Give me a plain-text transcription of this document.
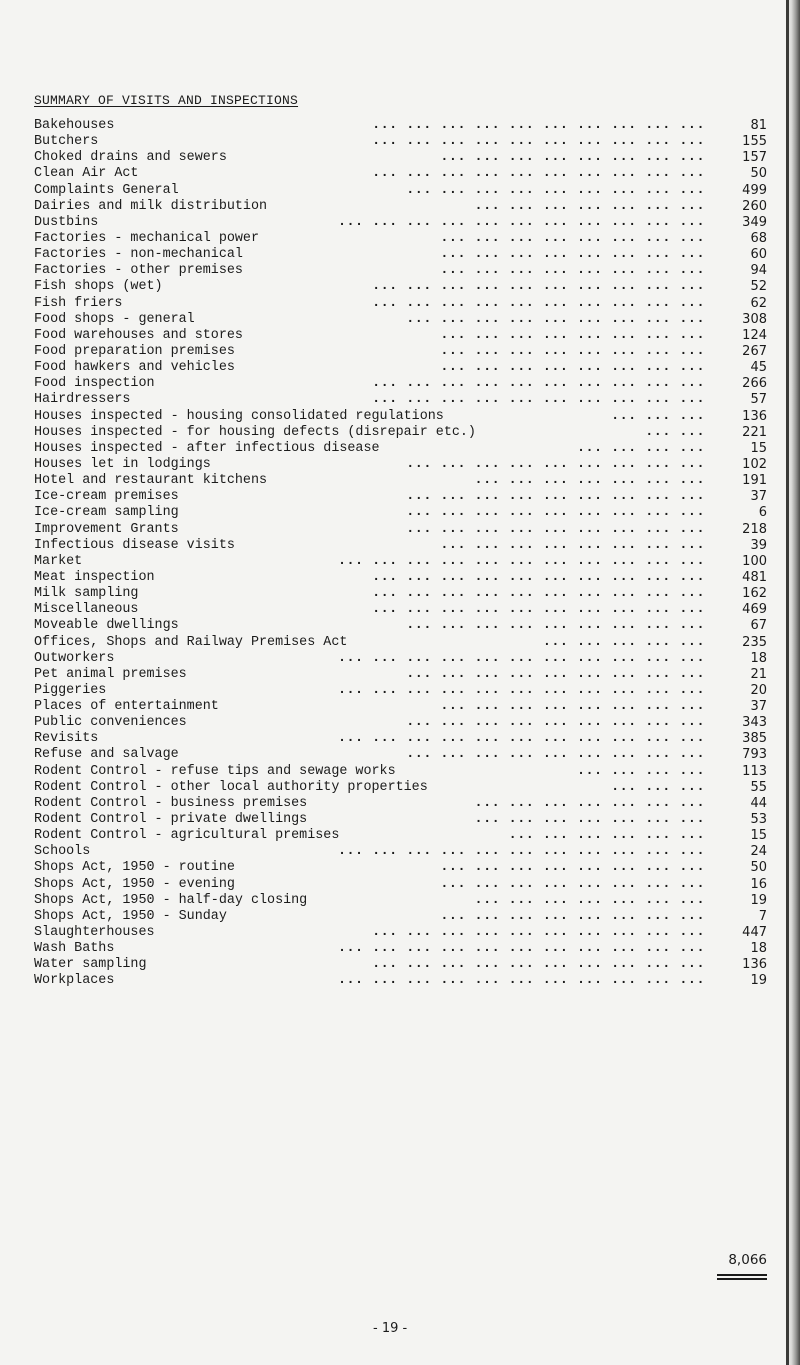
SUMMARY OF VISITS AND INSPECTIONS
Bakehouses	... ... ... ... ... ... ... ... ... ...	81
Butchers	... ... ... ... ... ... ... ... ... ...	155
Choked drains and sewers	... ... ... ... ... ... ... ...	157
Clean Air Act	... ... ... ... ... ... ... ... ... ...	50
Complaints General	... ... ... ... ... ... ... ... ...	499
Dairies and milk distribution	... ... ... ... ... ... ...	260
Dustbins	... ... ... ... ... ... ... ... ... ... ...	349
Factories - mechanical power	... ... ... ... ... ... ... ...	68
Factories - non-mechanical	... ... ... ... ... ... ... ...	60
Factories - other premises	... ... ... ... ... ... ... ...	94
Fish shops (wet)	... ... ... ... ... ... ... ... ... ...	52
Fish friers	... ... ... ... ... ... ... ... ... ...	62
Food shops - general	... ... ... ... ... ... ... ... ...	308
Food warehouses and stores	... ... ... ... ... ... ... ...	124
Food preparation premises	... ... ... ... ... ... ... ...	267
Food hawkers and vehicles	... ... ... ... ... ... ... ...	45
Food inspection	... ... ... ... ... ... ... ... ... ...	266
Hairdressers	... ... ... ... ... ... ... ... ... ...	57
Houses inspected - housing consolidated regulations	... ... ...	136
Houses inspected - for housing defects (disrepair etc.)	... ...	221
Houses inspected - after infectious disease	... ... ... ...	15
Houses let in lodgings	... ... ... ... ... ... ... ... ...	102
Hotel and restaurant kitchens	... ... ... ... ... ... ...	191
Ice-cream premises	... ... ... ... ... ... ... ... ...	37
Ice-cream sampling	... ... ... ... ... ... ... ... ...	6
Improvement Grants	... ... ... ... ... ... ... ... ...	218
Infectious disease visits	... ... ... ... ... ... ... ...	39
Market	... ... ... ... ... ... ... ... ... ... ...	100
Meat inspection	... ... ... ... ... ... ... ... ... ...	481
Milk sampling	... ... ... ... ... ... ... ... ... ...	162
Miscellaneous	... ... ... ... ... ... ... ... ... ...	469
Moveable dwellings	... ... ... ... ... ... ... ... ...	67
Offices, Shops and Railway Premises Act	... ... ... ... ...	235
Outworkers	... ... ... ... ... ... ... ... ... ... ...	18
Pet animal premises	... ... ... ... ... ... ... ... ...	21
Piggeries	... ... ... ... ... ... ... ... ... ... ...	20
Places of entertainment	... ... ... ... ... ... ... ...	37
Public conveniences	... ... ... ... ... ... ... ... ...	343
Revisits	... ... ... ... ... ... ... ... ... ... ...	385
Refuse and salvage	... ... ... ... ... ... ... ... ...	793
Rodent Control - refuse tips and sewage works	... ... ... ...	113
Rodent Control - other local authority properties	... ... ...	55
Rodent Control - business premises	... ... ... ... ... ... ...	44
Rodent Control - private dwellings	... ... ... ... ... ... ...	53
Rodent Control - agricultural premises	... ... ... ... ... ...	15
Schools	... ... ... ... ... ... ... ... ... ... ...	24
Shops Act, 1950 - routine	... ... ... ... ... ... ... ...	50
Shops Act, 1950 - evening	... ... ... ... ... ... ... ...	16
Shops Act, 1950 - half-day closing	... ... ... ... ... ... ...	19
Shops Act, 1950 - Sunday	... ... ... ... ... ... ... ...	7
Slaughterhouses	... ... ... ... ... ... ... ... ... ...	447
Wash Baths	... ... ... ... ... ... ... ... ... ... ...	18
Water sampling	... ... ... ... ... ... ... ... ... ...	136
Workplaces	... ... ... ... ... ... ... ... ... ... ...	19
8,066
- 19 -
